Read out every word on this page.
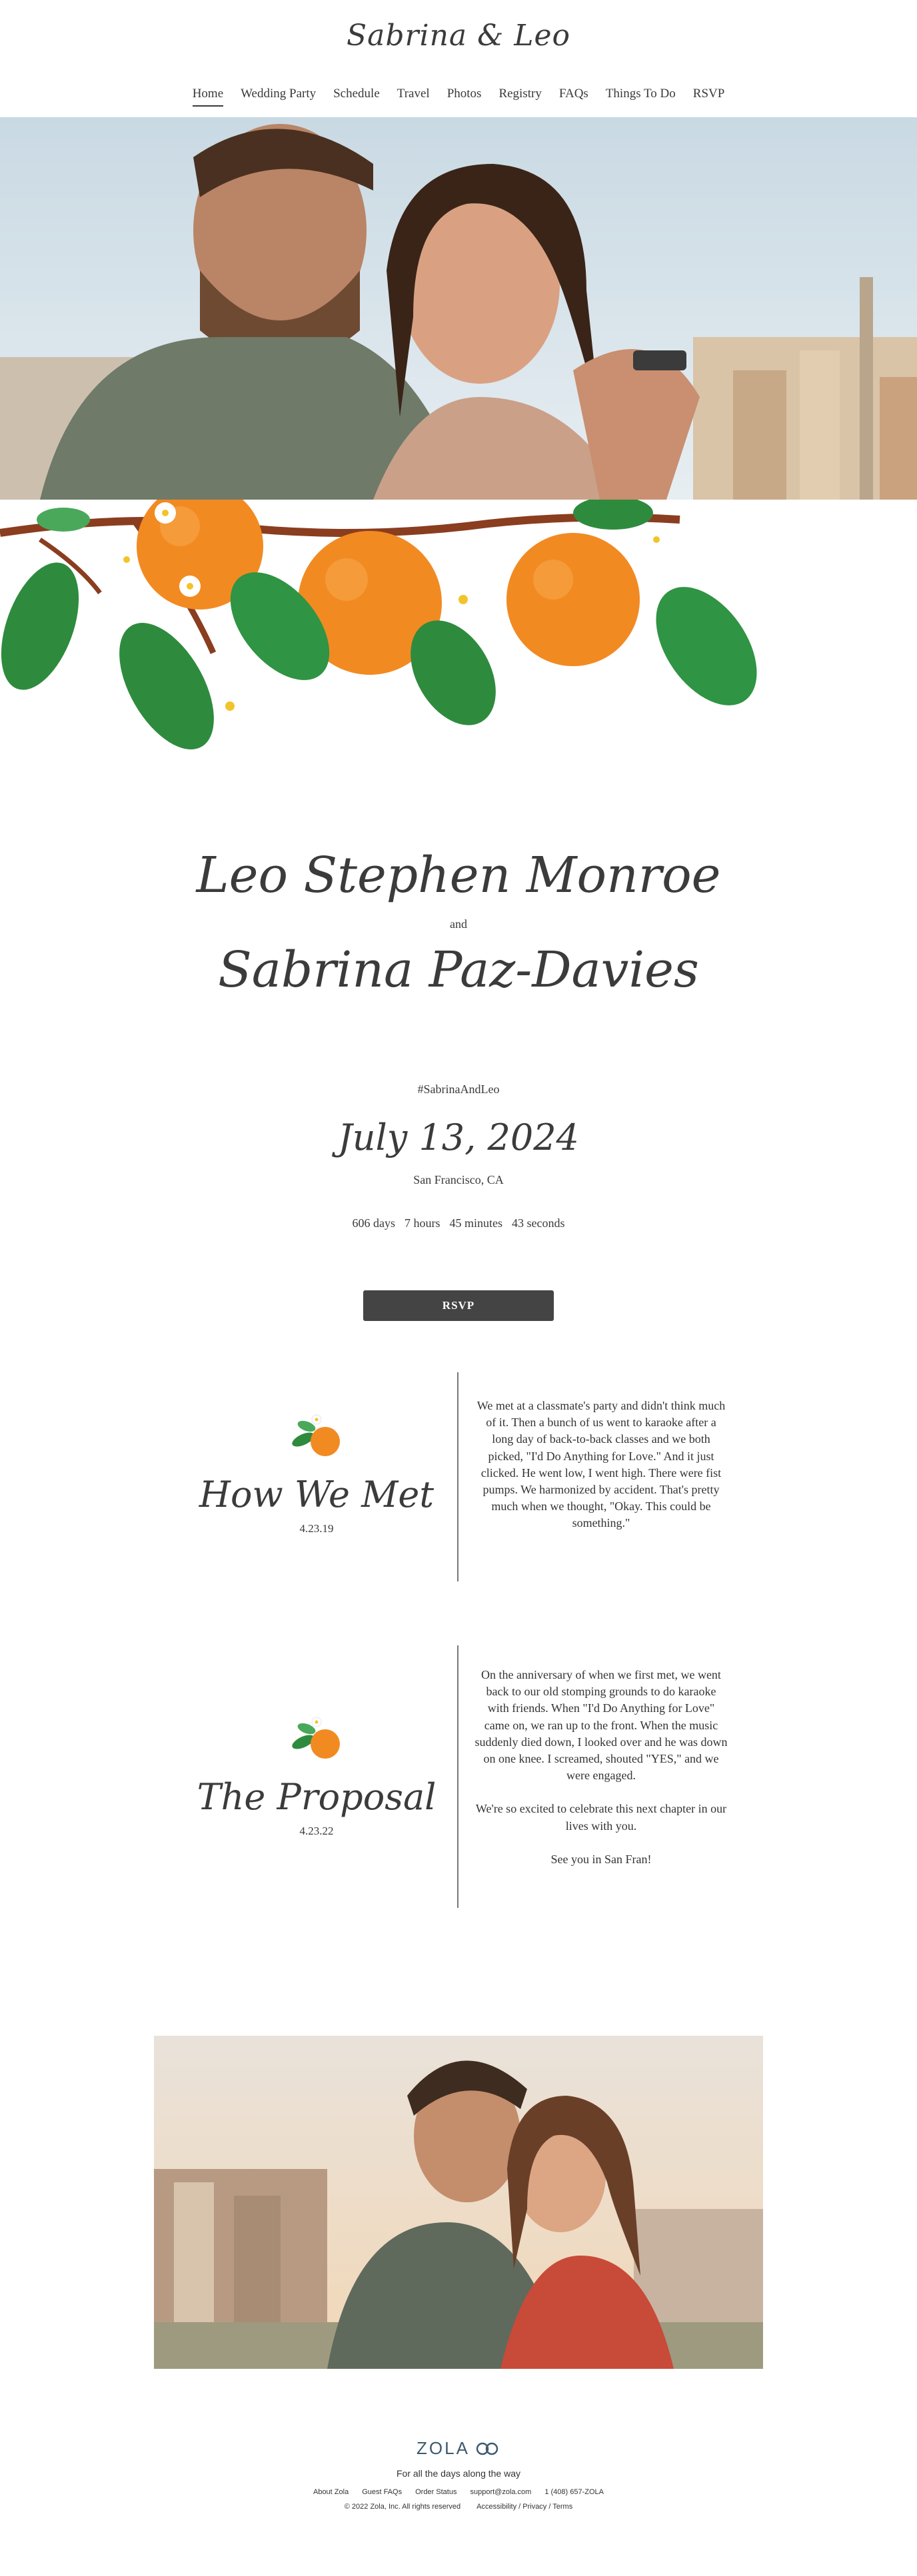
Sabrina & Leo
Home Wedding Party Schedule Travel Photos Registry FAQs Things To Do RSVP
Leo Stephen Monroe
and
Sabrina Paz-Davies
#SabrinaAndLeo
July 13, 2024
San Francisco, CA
606 days 7 hours 45 minutes 43 seconds
RSVP
How We Met
4.23.19
We met at a classmate's party and didn't think much of it. Then a bunch of us went to karaoke after a long day of back-to-back classes and we both picked, "I'd Do Anything for Love." And it just clicked. He went low, I went high. There were fist pumps. We harmonized by accident. That's pretty much when we thought, "Okay. This could be something."
The Proposal
4.23.22

On the anniversary of when we first met, we went back to our old stomping grounds to do karaoke with friends. When "I'd Do Anything for Love" came on, we ran up to the front. When the music suddenly died down, I looked over and he was down on one knee. I screamed, shouted "YES," and we were engaged.

We're so excited to celebrate this next chapter in our lives with you.

See you in San Fran!

ZOLA
For all the days along the way
About Zola Guest FAQs Order Status support@zola.com 1 (408) 657-ZOLA
© 2022 Zola, Inc. All rights reserved Accessibility / Privacy / Terms
